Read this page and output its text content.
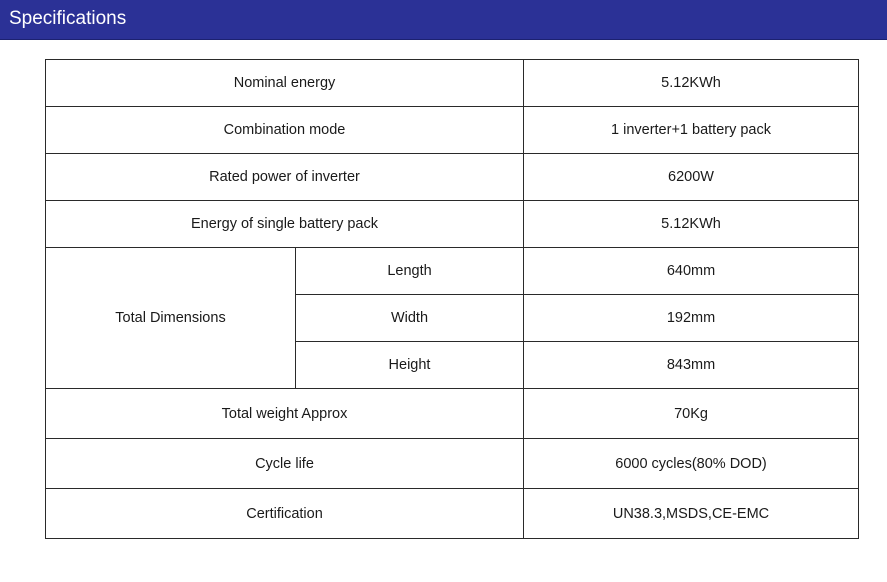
Specifications
Nominal energy		5.12KWh
Combination mode		1 inverter+1 battery pack
Rated power of inverter		6200W
Energy of single battery pack		5.12KWh
Total Dimensions	Length	640mm
	Width	192mm
	Height	843mm
Total weight Approx		70Kg
Cycle life		6000 cycles(80% DOD)
Certification		UN38.3,MSDS,CE-EMC
